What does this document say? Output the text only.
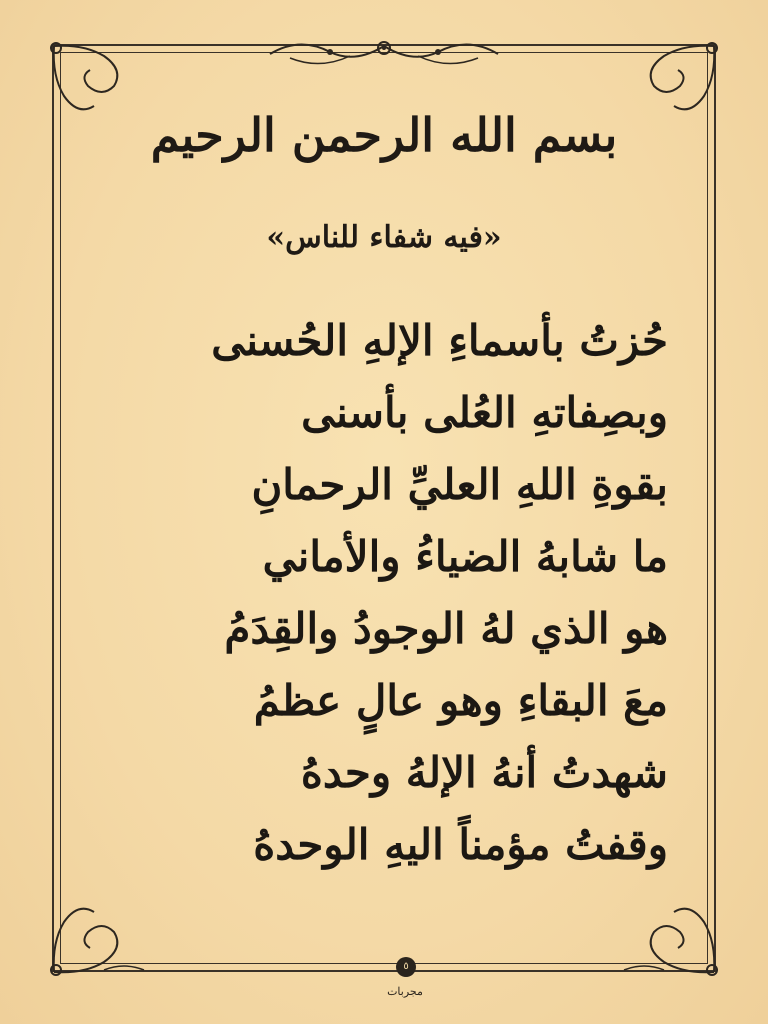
بسم الله الرحمن الرحيم
«فيه شفاء للناس»
حُزتُ بأسماءِ الإلهِ الحُسنى
وبصِفاتهِ العُلى بأسنى
بقوةِ اللهِ العليِّ الرحمانِ
ما شابهُ الضياءُ والأماني
هو الذي لهُ الوجودُ والقِدَمُ
معَ البقاءِ وهو عالٍ عظمُ
شهدتُ أنهُ الإلهُ وحدهُ
وقفتُ مؤمناً اليهِ الوحدهُ
٥
مجربات
